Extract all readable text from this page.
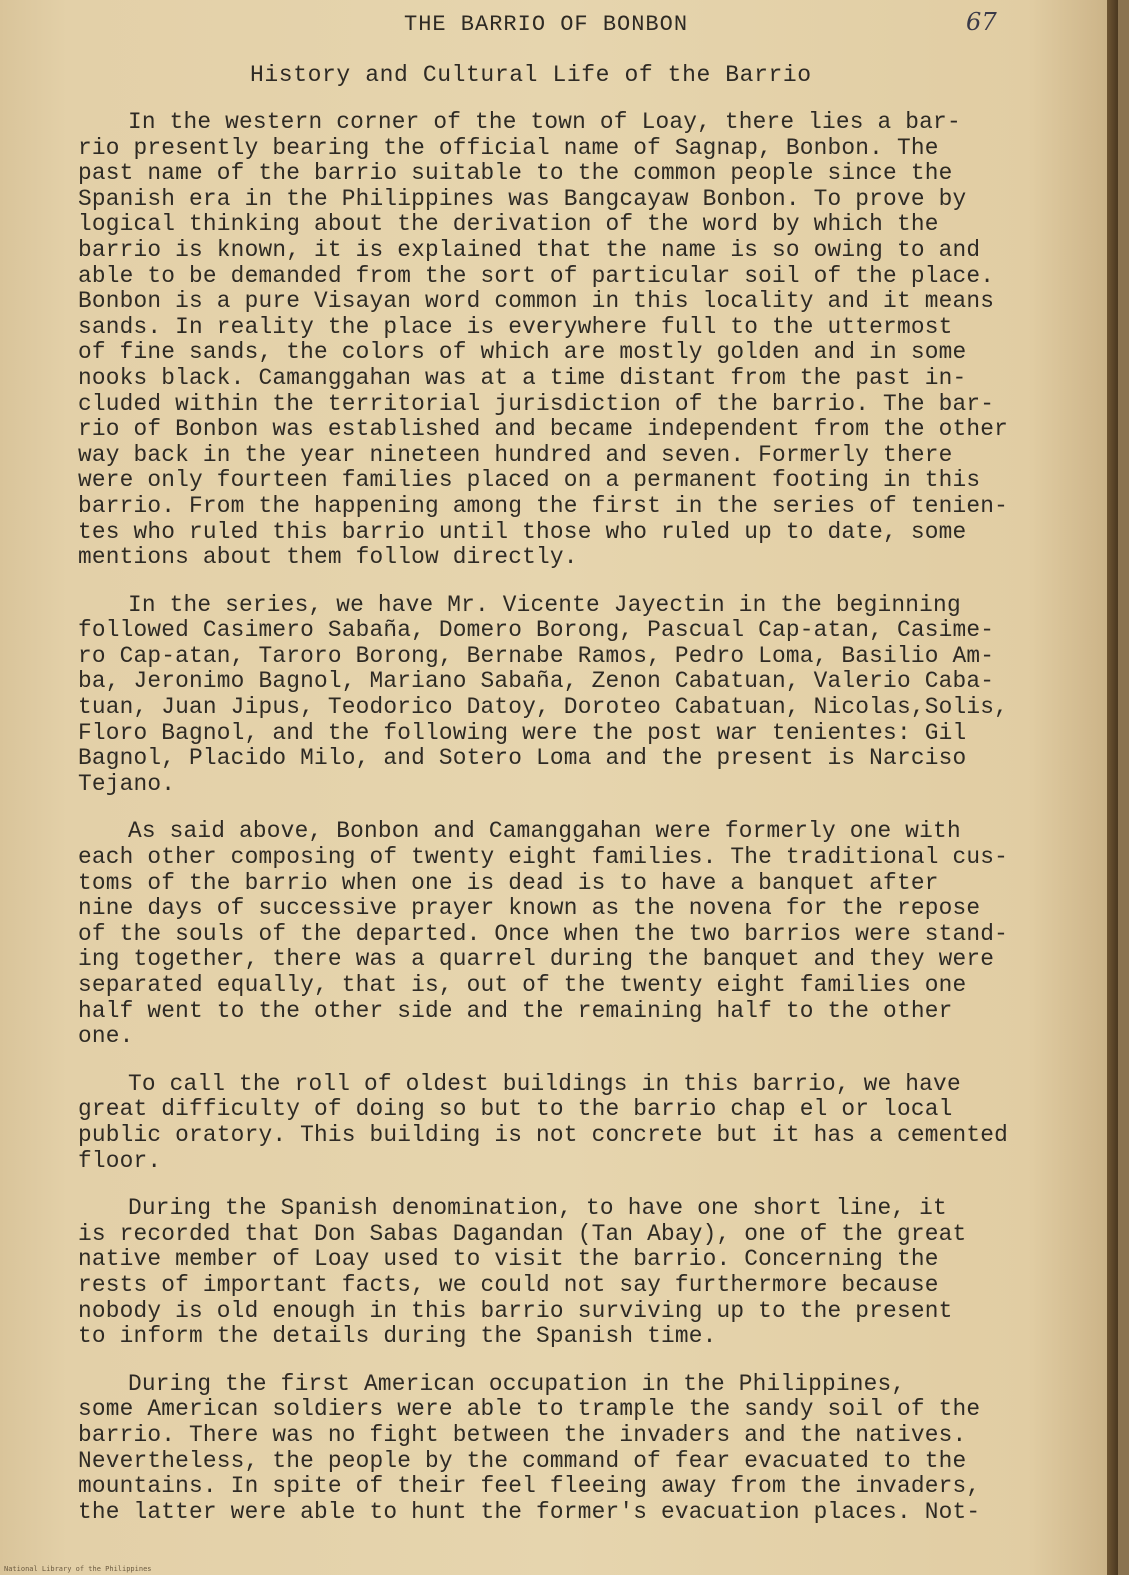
THE BARRIO OF BONBON	67
History and Cultural Life of the Barrio
In the western corner of the town of Loay, there lies a bar-
rio presently bearing the official name of Sagnap, Bonbon. The
past name of the barrio suitable to the common people since the
Spanish era in the Philippines was Bangcayaw Bonbon. To prove by
logical thinking about the derivation of the word by which the
barrio is known, it is explained that the name is so owing to and
able to be demanded from the sort of particular soil of the place.
Bonbon is a pure Visayan word common in this locality and it means
sands. In reality the place is everywhere full to the uttermost
of fine sands, the colors of which are mostly golden and in some
nooks black. Camanggahan was at a time distant from the past in-
cluded within the territorial jurisdiction of the barrio. The bar-
rio of Bonbon was established and became independent from the other
way back in the year nineteen hundred and seven. Formerly there
were only fourteen families placed on a permanent footing in this
barrio. From the happening among the first in the series of tenien-
tes who ruled this barrio until those who ruled up to date, some
mentions about them follow directly.
In the series, we have Mr. Vicente Jayectin in the beginning
followed Casimero Sabaña, Domero Borong, Pascual Cap-atan, Casime-
ro Cap-atan, Taroro Borong, Bernabe Ramos, Pedro Loma, Basilio Am-
ba, Jeronimo Bagnol, Mariano Sabaña, Zenon Cabatuan, Valerio Caba-
tuan, Juan Jipus, Teodorico Datoy, Doroteo Cabatuan, Nicolas,Solis,
Floro Bagnol, and the following were the post war tenientes: Gil
Bagnol, Placido Milo, and Sotero Loma and the present is Narciso
Tejano.
As said above, Bonbon and Camanggahan were formerly one with
each other composing of twenty eight families. The traditional cus-
toms of the barrio when one is dead is to have a banquet after
nine days of successive prayer known as the novena for the repose
of the souls of the departed. Once when the two barrios were stand-
ing together, there was a quarrel during the banquet and they were
separated equally, that is, out of the twenty eight families one
half went to the other side and the remaining half to the other
one.
To call the roll of oldest buildings in this barrio, we have
great difficulty of doing so but to the barrio chap el or local
public oratory. This building is not concrete but it has a cemented
floor.
During the Spanish denomination, to have one short line, it
is recorded that Don Sabas Dagandan (Tan Abay), one of the great
native member of Loay used to visit the barrio. Concerning the
rests of important facts, we could not say furthermore because
nobody is old enough in this barrio surviving up to the present
to inform the details during the Spanish time.
During the first American occupation in the Philippines,
some American soldiers were able to trample the sandy soil of the
barrio. There was no fight between the invaders and the natives.
Nevertheless, the people by the command of fear evacuated to the
mountains. In spite of their feel fleeing away from the invaders,
the latter were able to hunt the former's evacuation places. Not-
National Library of the Philippines
